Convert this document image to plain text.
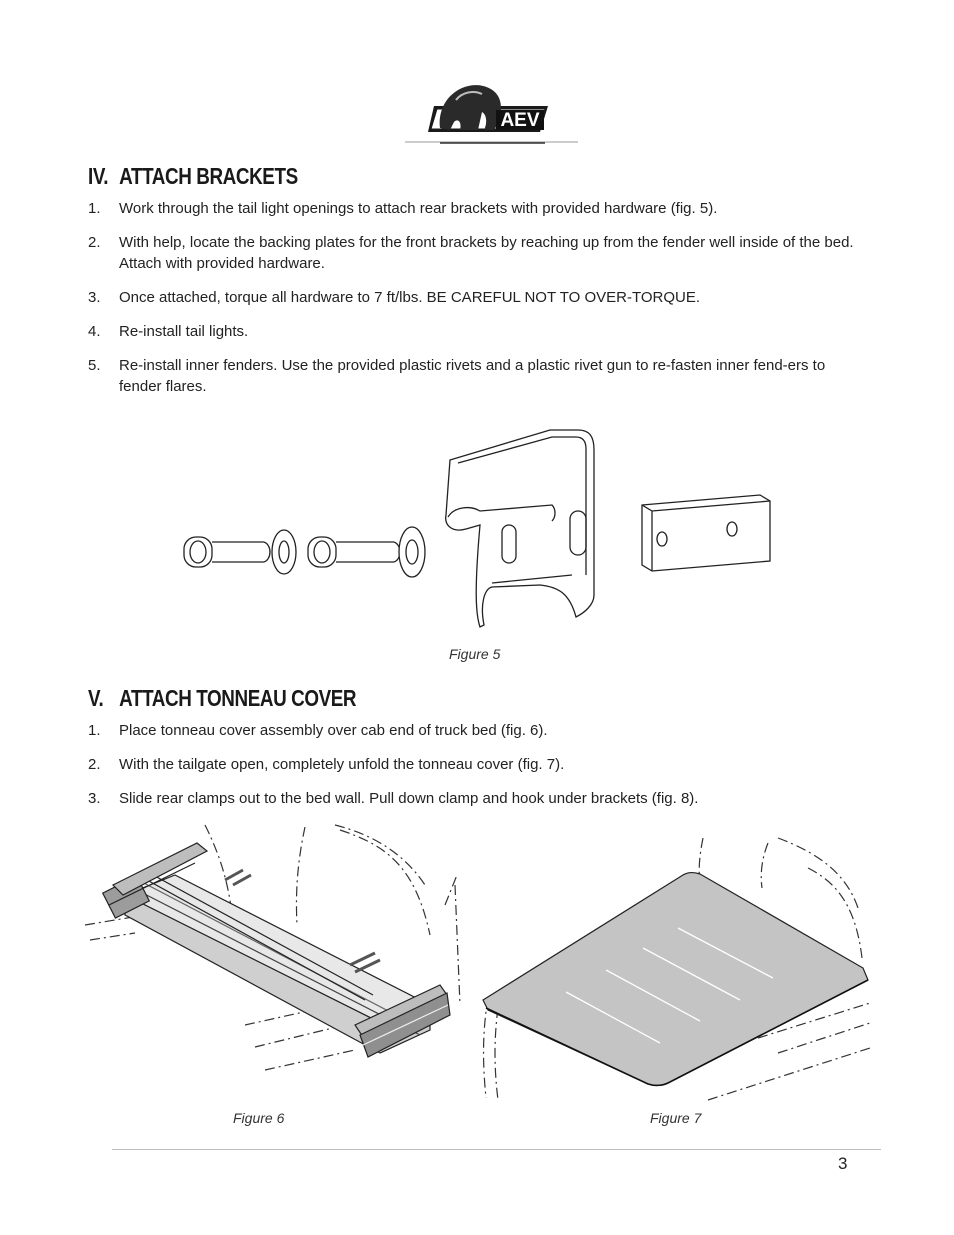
AEV
IV. ATTACH BRACKETS
1. Work through the tail light openings to attach rear brackets with provided hardware (fig. 5).
2. With help, locate the backing plates for the front brackets by reaching up from the fender well inside of the bed. Attach with provided hardware.
3. Once attached, torque all hardware to 7 ft/lbs. BE CAREFUL NOT TO OVER-TORQUE.
4. Re-install tail lights.
5. Re-install inner fenders. Use the provided plastic rivets and a plastic rivet gun to re-fasten inner fend-ers to fender flares.
Figure 5
V. ATTACH TONNEAU COVER
1. Place tonneau cover assembly over cab end of truck bed (fig. 6).
2. With the tailgate open, completely unfold the tonneau cover (fig. 7).
3. Slide rear clamps out to the bed wall. Pull down clamp and hook under brackets (fig. 8).
Figure 6	Figure 7
3
